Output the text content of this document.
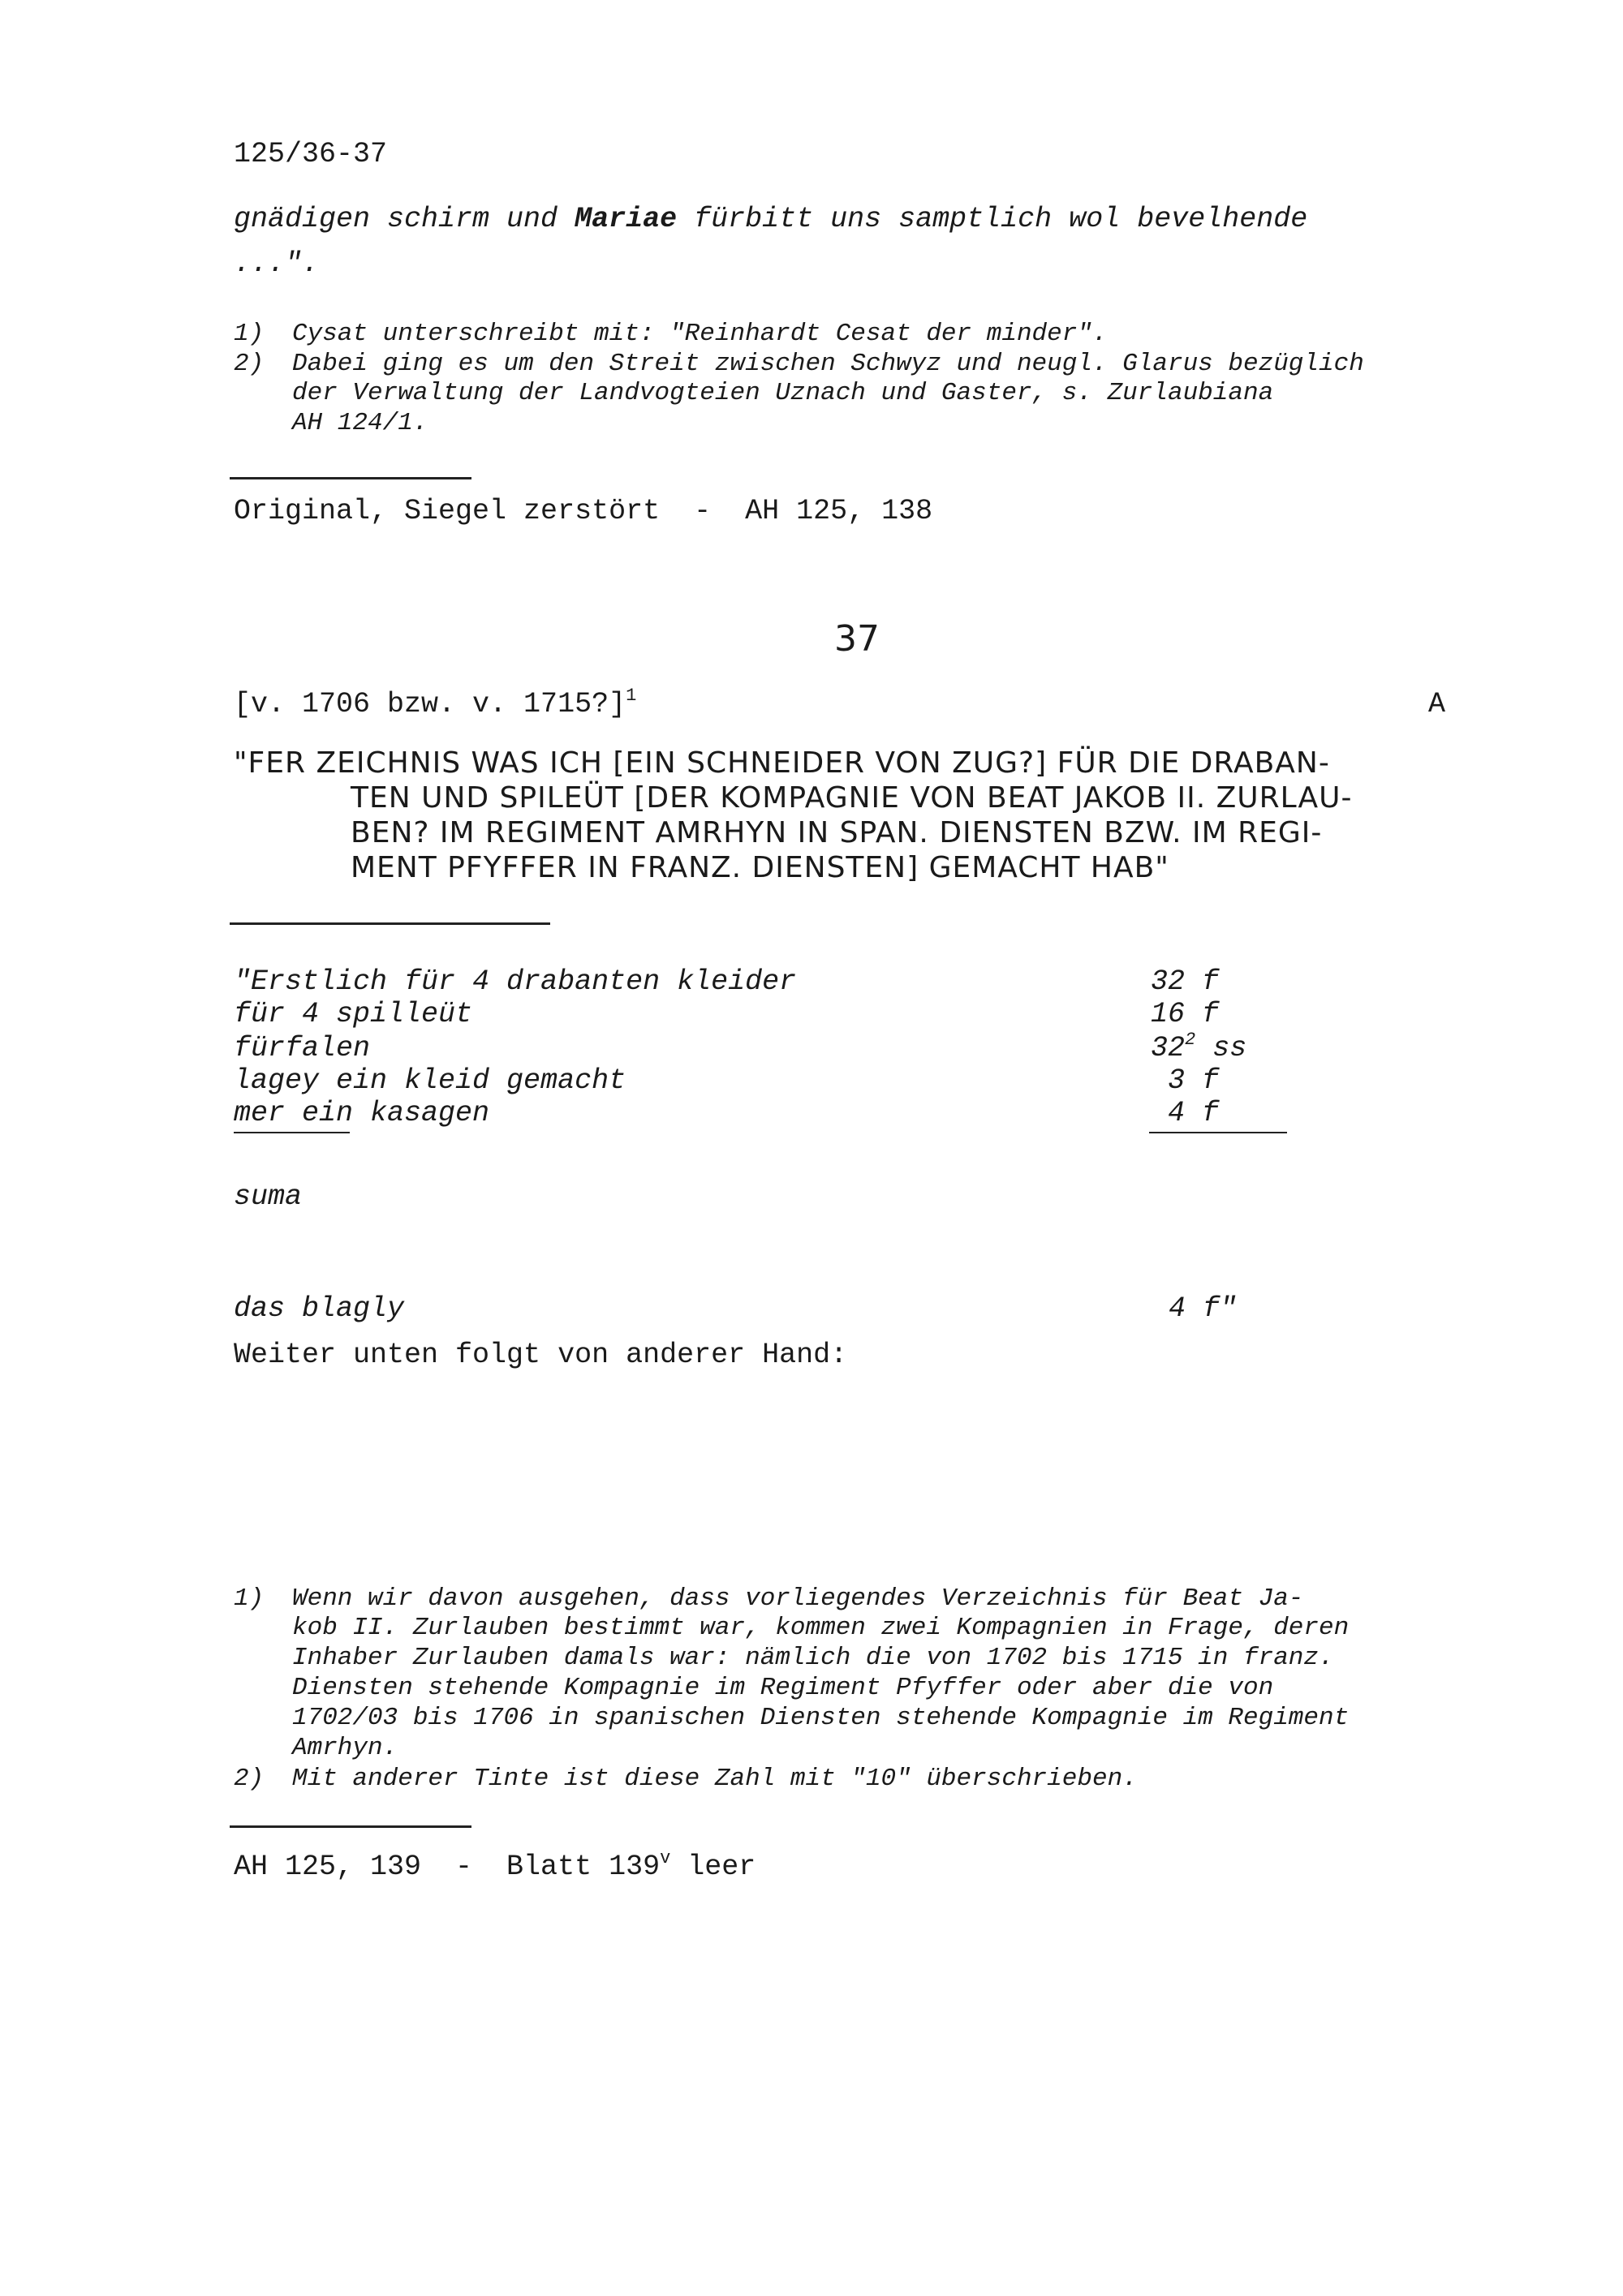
125/36-37
gnädigen schirm und Mariae fürbitt uns samptlich wol bevelhende
...".
1) Cysat unterschreibt mit: "Reinhardt Cesat der minder".
2) Dabei ging es um den Streit zwischen Schwyz und neugl. Glarus bezüglich
der Verwaltung der Landvogteien Uznach und Gaster, s. Zurlaubiana
AH 124/1.
Original, Siegel zerstört  -  AH 125, 138
37
[v. 1706 bzw. v. 1715?]$^1$	A
"FER ZEICHNIS WAS ICH [EIN SCHNEIDER VON ZUG?] FÜR DIE DRABAN-
TEN UND SPILEÜT [DER KOMPAGNIE VON BEAT JAKOB II. ZURLAU-
BEN? IM REGIMENT AMRHYN IN SPAN. DIENSTEN BZW. IM REGI-
MENT PFYFFER IN FRANZ. DIENSTEN] GEMACHT HAB"
"Erstlich für 4 drabanten kleider	32 f
für 4 spilleüt	16 f
fürfalen	$32^2$ ss
lagey ein kleid gemacht	3 f
mer ein kasagen	4 f
suma
das blagly	4 f"
Weiter unten folgt von anderer Hand:
1) Wenn wir davon ausgehen, dass vorliegendes Verzeichnis für Beat Ja-
kob II. Zurlauben bestimmt war, kommen zwei Kompagnien in Frage, deren
Inhaber Zurlauben damals war: nämlich die von 1702 bis 1715 in franz.
Diensten stehende Kompagnie im Regiment Pfyffer oder aber die von
1702/03 bis 1706 in spanischen Diensten stehende Kompagnie im Regiment
Amrhyn.
2) Mit anderer Tinte ist diese Zahl mit "10" überschrieben.
AH 125, 139  -  Blatt 139$^v$ leer
